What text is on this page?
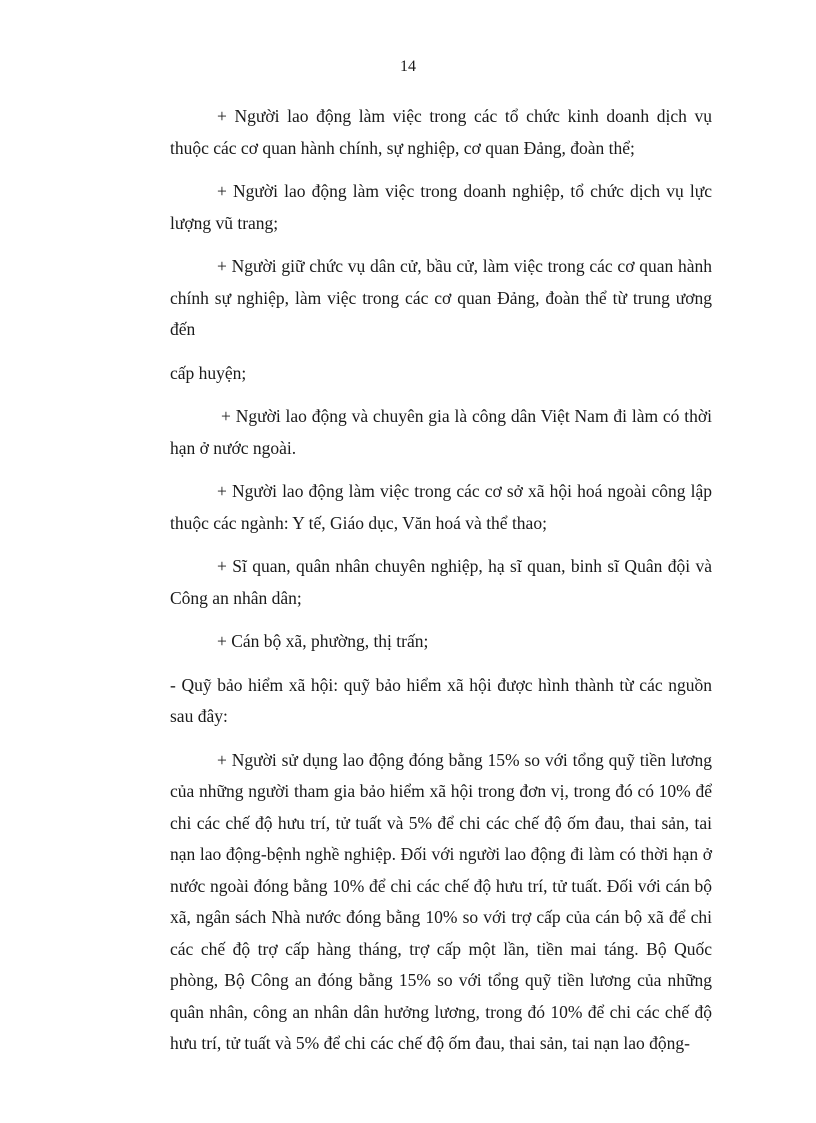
14

+ Người lao động làm việc trong các tổ chức kinh doanh dịch vụ thuộc các cơ quan hành chính, sự nghiệp, cơ quan Đảng, đoàn thể;

+ Người lao động làm việc trong doanh nghiệp, tổ chức dịch vụ lực lượng vũ trang;

+ Người giữ chức vụ dân cử, bầu cử, làm việc trong các cơ quan hành chính sự nghiệp, làm việc trong các cơ quan Đảng, đoàn thể từ trung ương đến

cấp huyện;

+ Người lao động và chuyên gia là công dân Việt Nam đi làm có thời hạn ở nước ngoài.

+ Người lao động làm việc trong các cơ sở xã hội hoá ngoài công lập thuộc các ngành: Y tế, Giáo dục, Văn hoá và thể thao;

+ Sĩ quan, quân nhân chuyên nghiệp, hạ sĩ quan, binh sĩ Quân đội và Công an nhân dân;

+ Cán bộ xã, phường, thị trấn;

- Quỹ bảo hiểm xã hội: quỹ bảo hiểm xã hội được hình thành từ các nguồn sau đây:

+ Người sử dụng lao động đóng bằng 15% so với tổng quỹ tiền lương của những người tham gia bảo hiểm xã hội trong đơn vị, trong đó có 10% để chi các chế độ hưu trí, tử tuất và 5% để chi các chế độ ốm đau, thai sản, tai nạn lao động-bệnh nghề nghiệp. Đối với người lao động đi làm có thời hạn ở nước ngoài đóng bằng 10% để chi các chế độ hưu trí, tử tuất. Đối với cán bộ xã, ngân sách Nhà nước đóng bằng 10% so với trợ cấp của cán bộ xã để chi các chế độ trợ cấp hàng tháng, trợ cấp một lần, tiền mai táng. Bộ Quốc phòng, Bộ Công an đóng bằng 15% so với tổng quỹ tiền lương của những quân nhân, công an nhân dân hưởng lương, trong đó 10% để chi các chế độ hưu trí, tử tuất và 5% để chi các chế độ ốm đau, thai sản, tai nạn lao động-
